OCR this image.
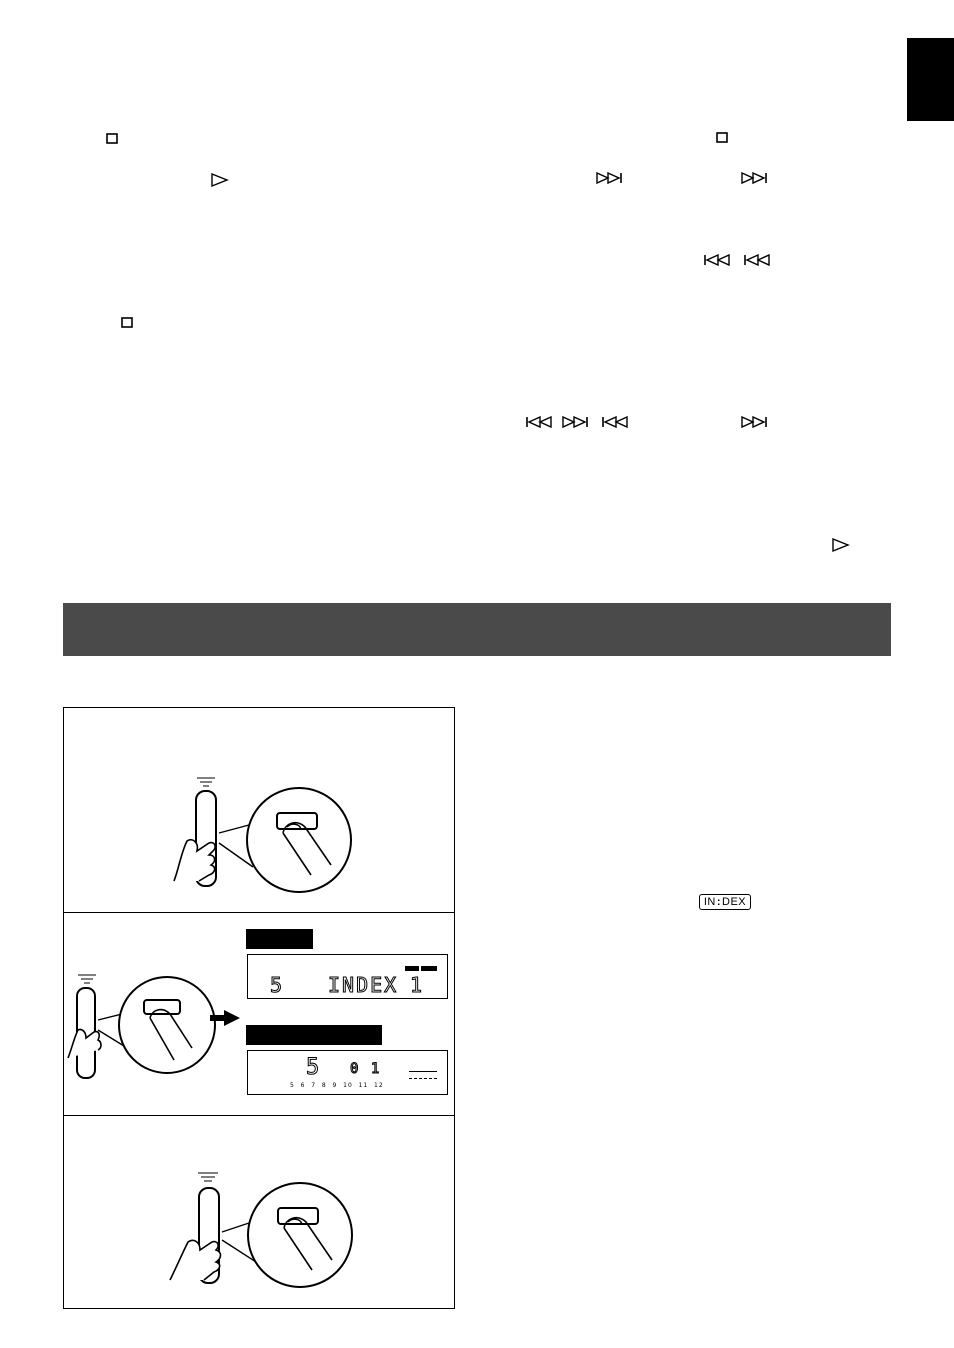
IN : DEX
5 INDEX 1
5 0 1
5  6  7  8  9  10  11  12
